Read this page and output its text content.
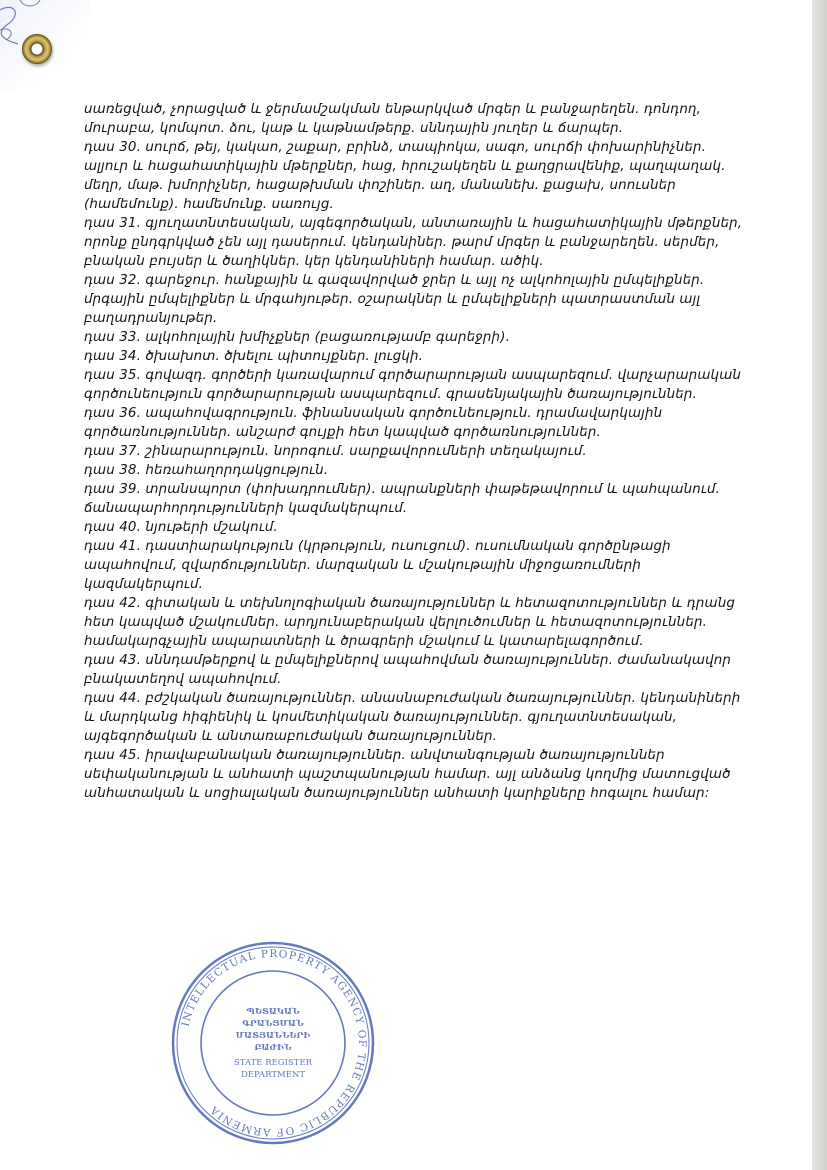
սառեցված, չորացված և ջերմամշակման ենթարկված մրգեր և բանջարեղեն. դոնդող, մուրաբա, կոմպոտ. ձու, կաթ և կաթնամթերք. սննդային յուղեր և ճարպեր.

դաս 30. սուրճ, թեյ, կակաո, շաքար, բրինձ, տապիոկա, սագո, սուրճի փոխարինիչներ. ալյուր և հացահատիկային մթերքներ, հաց, հրուշակեղեն և քաղցրավենիք, պաղպաղակ. մեղր, մաթ. խմորիչներ, հացաթխման փոշիներ. աղ, մանանեխ. քացախ, սոուսներ (համեմունք). համեմունք. սառույց.

դաս 31. գյուղատնտեսական, այգեգործական, անտառային և հացահատիկային մթերքներ, որոնք ընդգրկված չեն այլ դասերում. կենդանիներ. թարմ մրգեր և բանջարեղեն. սերմեր, բնական բույսեր և ծաղիկներ. կեր կենդանիների համար. ածիկ.

դաս 32. գարեջուր. հանքային և գազավորված ջրեր և այլ ոչ ալկոհոլային ըմպելիքներ. մրգային ըմպելիքներ և մրգահյութեր. օշարակներ և ըմպելիքների պատրաստման այլ բաղադրանյութեր.

դաս 33. ալկոհոլային խմիչքներ (բացառությամբ գարեջրի).

դաս 34. ծխախոտ. ծխելու պիտույքներ. լուցկի.

դաս 35. գովազդ. գործերի կառավարում գործարարության ասպարեզում. վարչարարական գործունեություն գործարարության ասպարեզում. գրասենյակային ծառայություններ.

դաս 36. ապահովագրություն. ֆինանսական գործունեություն. դրամավարկային գործառնություններ. անշարժ գույքի հետ կապված գործառնություններ.

դաս 37. շինարարություն. նորոգում. սարքավորումների տեղակայում.

դաս 38. հեռահաղորդակցություն.

դաս 39. տրանսպորտ (փոխադրումներ). ապրանքների փաթեթավորում և պահպանում. ճանապարհորդությունների կազմակերպում.

դաս 40. նյութերի մշակում.

դաս 41. դաստիարակություն (կրթություն, ուսուցում). ուսումնական գործընթացի ապահովում, զվարճություններ. մարզական և մշակութային միջոցառումների կազմակերպում.

դաս 42. գիտական և տեխնոլոգիական ծառայություններ և հետազոտություններ և դրանց հետ կապված մշակումներ. արդյունաբերական վերլուծումներ և հետազոտություններ. համակարգչային ապարատների և ծրագրերի մշակում և կատարելագործում.

դաս 43. սննդամթերքով և ըմպելիքներով ապահովման ծառայություններ. ժամանակավոր բնակատեղով ապահովում.

դաս 44. բժշկական ծառայություններ. անասնաբուժական ծառայություններ. կենդանիների և մարդկանց հիգիենիկ և կոսմետիկական ծառայություններ. գյուղատնտեսական, այգեգործական և անտառաբուժական ծառայություններ.

դաս 45. իրավաբանական ծառայություններ. անվտանգության ծառայություններ սեփականության և անհատի պաշտպանության համար. այլ անձանց կողմից մատուցված անհատական և սոցիալական ծառայություններ անհատի կարիքները հոգալու համար:

INTELLECTUAL PROPERTY AGENCY OF THE REPUBLIC OF ARMENIA
ՊԵՏԱԿԱՆ
ԳՐԱՆՑՄԱՆ
ՄԱՏՅԱՆՆԵՐԻ
ԲԱԺԻՆ
STATE REGISTER
DEPARTMENT
